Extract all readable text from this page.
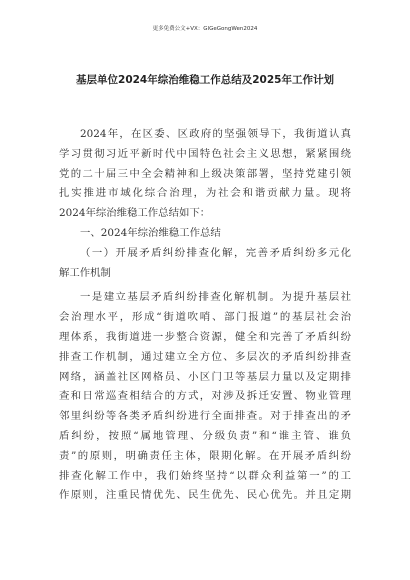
更多免费公文+VX：GlGeGongWen2024
基层单位2024年综治维稳工作总结及2025年工作计划
2024年，在区委、区政府的坚强领导下，我街道认真
学习贯彻习近平新时代中国特色社会主义思想，紧紧围绕
党的二十届三中全会精神和上级决策部署，坚持党建引领
扎实推进市域化综合治理，为社会和谐贡献力量。现将
2024年综治维稳工作总结如下：
一、2024年综治维稳工作总结
（一）开展矛盾纠纷排查化解，完善矛盾纠纷多元化
解工作机制
一是建立基层矛盾纠纷排查化解机制。为提升基层社
会治理水平，形成“街道吹哨、部门报道”的基层社会治
理体系，我街道进一步整合资源，健全和完善了矛盾纠纷
排查工作机制，通过建立全方位、多层次的矛盾纠纷排查
网络，涵盖社区网格员、小区门卫等基层力量以及定期排
查和日常巡查相结合的方式，对涉及拆迁安置、物业管理
邻里纠纷等各类矛盾纠纷进行全面排查。对于排查出的矛
盾纠纷，按照“属地管理、分级负责”和“谁主管、谁负
责”的原则，明确责任主体，限期化解。在开展矛盾纠纷
排查化解工作中，我们始终坚持“以群众利益第一”的工
作原则，注重民情优先、民生优先、民心优先。并且定期
